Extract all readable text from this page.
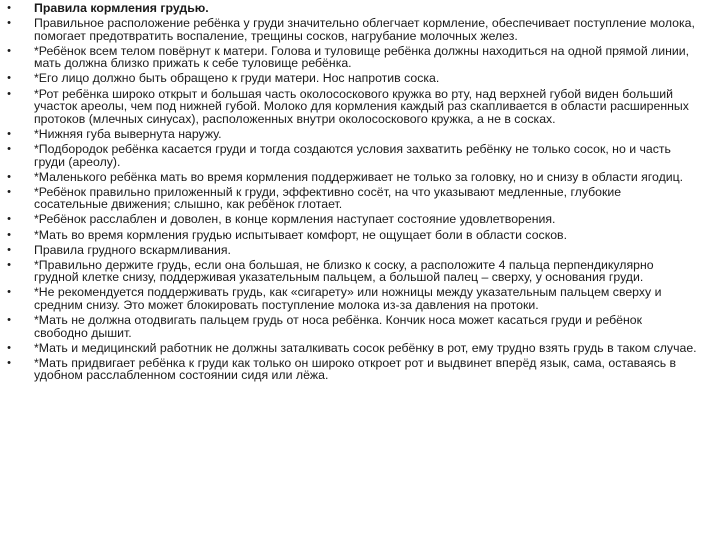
• Правила кормления грудью.
• Правильное расположение ребёнка у груди значительно облегчает кормление, обеспечивает поступление молока, помогает предотвратить воспаление, трещины сосков, нагрубание молочных желез.
• *Ребёнок всем телом повёрнут к матери. Голова и туловище ребёнка должны находиться на одной прямой линии, мать должна близко прижать к себе туловище ребёнка.
• *Его лицо должно быть обращено к груди матери. Нос напротив соска.
• *Рот ребёнка широко открыт и большая часть околососкового кружка во рту, над верхней губой виден больший участок ареолы, чем под нижней губой. Молоко для кормления каждый раз скапливается в области расширенных протоков (млечных синусах), расположенных внутри околососкового кружка, а не в сосках.
• *Нижняя губа вывернута наружу.
• *Подбородок ребёнка касается груди и тогда создаются условия захватить ребёнку не только сосок, но и часть груди (ареолу).
• *Маленького ребёнка мать во время кормления поддерживает не только за головку, но и снизу в области ягодиц.
• *Ребёнок правильно приложенный к груди, эффективно сосёт, на что указывают медленные, глубокие сосательные движения; слышно, как ребёнок глотает.
• *Ребёнок расслаблен и доволен, в конце кормления наступает состояние удовлетворения.
• *Мать во время кормления грудью испытывает комфорт, не ощущает боли в области сосков.
• Правила грудного вскармливания.
• *Правильно держите грудь, если она большая, не близко к соску, а расположите 4 пальца перпендикулярно грудной клетке снизу, поддерживая указательным пальцем, а большой палец – сверху, у основания груди.
• *Не рекомендуется поддерживать грудь, как «сигарету» или ножницы между указательным пальцем сверху и средним снизу. Это может блокировать поступление молока из-за давления на протоки.
• *Мать не должна отодвигать пальцем грудь от носа ребёнка. Кончик носа может касаться груди и ребёнок свободно дышит.
• *Мать и медицинский работник не должны заталкивать сосок ребёнку в рот, ему трудно взять грудь в таком случае.
• *Мать придвигает ребёнка к груди как только он широко откроет рот и выдвинет вперёд язык, сама, оставаясь в удобном расслабленном состоянии сидя или лёжа.
